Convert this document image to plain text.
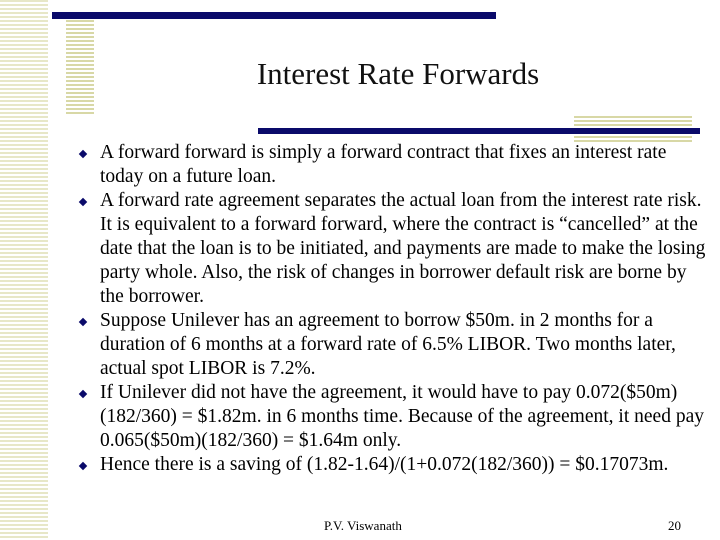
Interest Rate Forwards
A forward forward is simply a forward contract that fixes an interest rate today on a future loan.
A forward rate agreement separates the actual loan from the interest rate risk. It is equivalent to a forward forward, where the contract is “cancelled” at the date that the loan is to be initiated, and payments are made to make the losing party whole. Also, the risk of changes in borrower default risk are borne by the borrower.
Suppose Unilever has an agreement to borrow $50m. in 2 months for a duration of 6 months at a forward rate of 6.5% LIBOR. Two months later, actual spot LIBOR is 7.2%.
If Unilever did not have the agreement, it would have to pay 0.072($50m)(182/360) = $1.82m. in 6 months time. Because of the agreement, it need pay 0.065($50m)(182/360) = $1.64m only.
Hence there is a saving of (1.82-1.64)/(1+0.072(182/360)) = $0.17073m.
P.V. Viswanath	20
